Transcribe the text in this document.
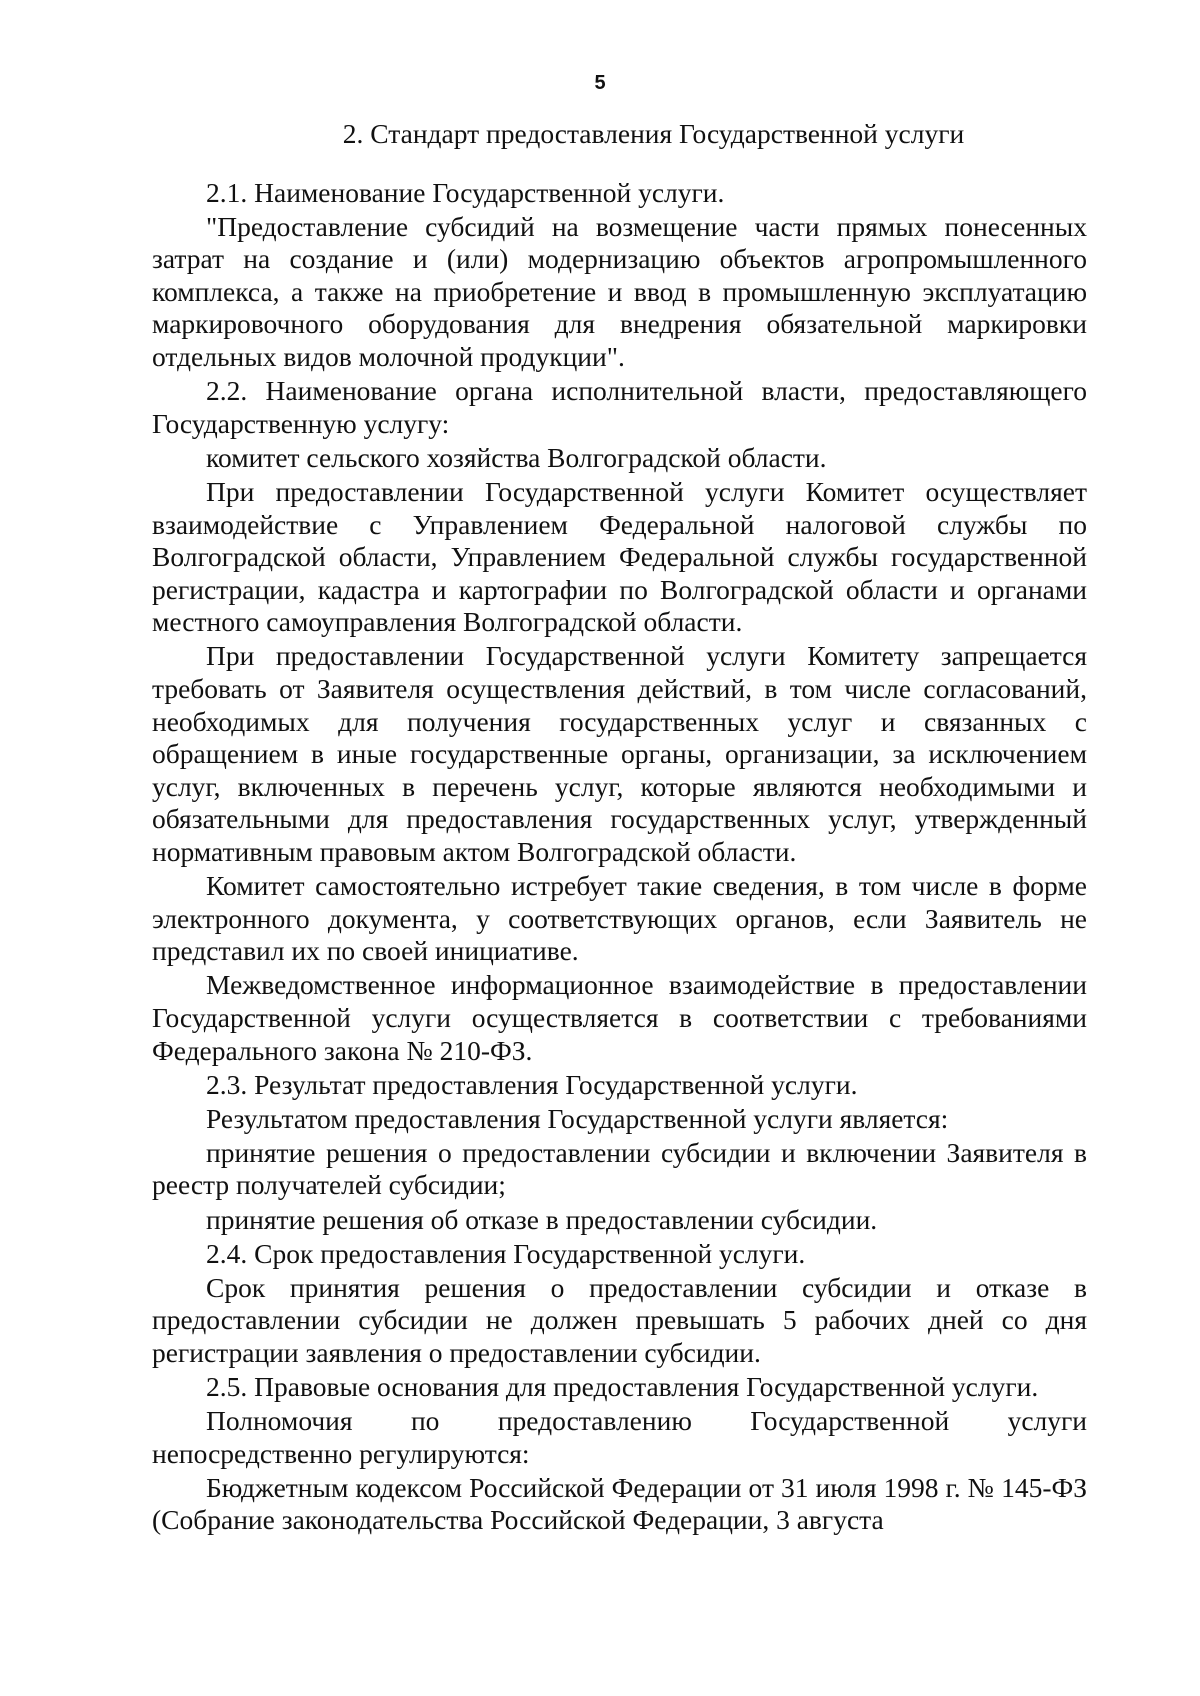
5
2. Стандарт предоставления Государственной услуги

2.1. Наименование Государственной услуги.

"Предоставление субсидий на возмещение части прямых понесенных затрат на создание и (или) модернизацию объектов агропромышленного комплекса, а также на приобретение и ввод в промышленную эксплуатацию маркировочного оборудования для внедрения обязательной маркировки отдельных видов молочной продукции".

2.2. Наименование органа исполнительной власти, предоставляющего Государственную услугу:

комитет сельского хозяйства Волгоградской области.

При предоставлении Государственной услуги Комитет осуществляет взаимодействие с Управлением Федеральной налоговой службы по Волгоградской области, Управлением Федеральной службы государственной регистрации, кадастра и картографии по Волгоградской области и органами местного самоуправления Волгоградской области.

При предоставлении Государственной услуги Комитету запрещается требовать от Заявителя осуществления действий, в том числе согласований, необходимых для получения государственных услуг и связанных с обращением в иные государственные органы, организации, за исключением услуг, включенных в перечень услуг, которые являются необходимыми и обязательными для предоставления государственных услуг, утвержденный нормативным правовым актом Волгоградской области.

Комитет самостоятельно истребует такие сведения, в том числе в форме электронного документа, у соответствующих органов, если Заявитель не представил их по своей инициативе.

Межведомственное информационное взаимодействие в предоставлении Государственной услуги осуществляется в соответствии с требованиями Федерального закона № 210-ФЗ.

2.3. Результат предоставления Государственной услуги.

Результатом предоставления Государственной услуги является:

принятие решения о предоставлении субсидии и включении Заявителя в реестр получателей субсидии;

принятие решения об отказе в предоставлении субсидии.

2.4. Срок предоставления Государственной услуги.

Срок принятия решения о предоставлении субсидии и отказе в предоставлении субсидии не должен превышать 5 рабочих дней со дня регистрации заявления о предоставлении субсидии.

2.5. Правовые основания для предоставления Государственной услуги.

Полномочия по предоставлению Государственной услуги непосредственно регулируются:

Бюджетным кодексом Российской Федерации от 31 июля 1998 г. № 145-ФЗ (Собрание законодательства Российской Федерации, 3 августа
